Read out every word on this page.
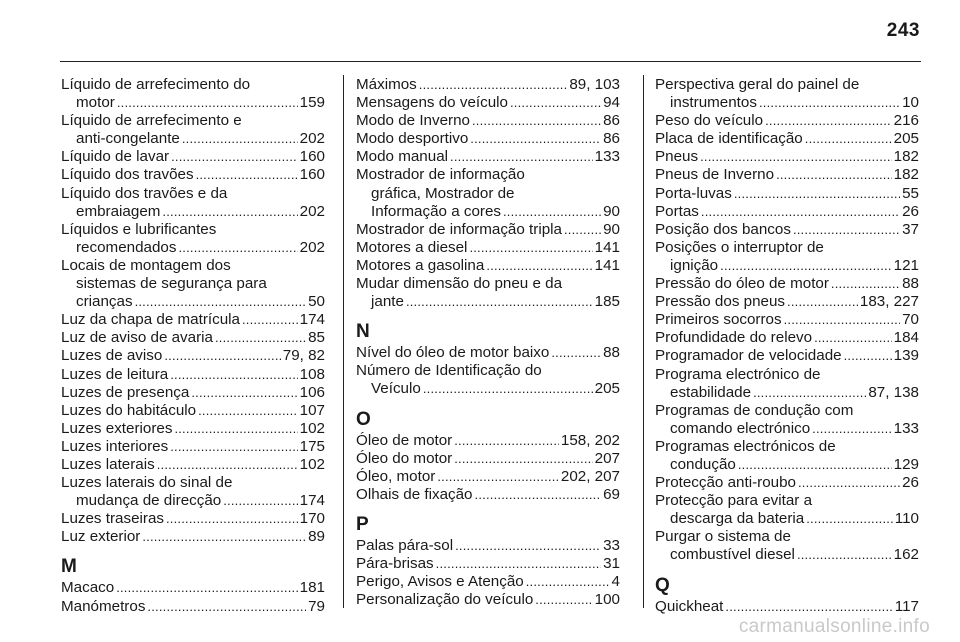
243
Líquido de arrefecimento do
motor .....	159
Líquido de arrefecimento e
anti-congelante .....	202
Líquido de lavar .....	160
Líquido dos travões .....	160
Líquido dos travões e da
embraiagem .....	202
Líquidos e lubrificantes
recomendados .....	202
Locais de montagem dos
sistemas de segurança para
crianças .....	50
Luz da chapa de matrícula .....	174
Luz de aviso de avaria .....	85
Luzes de aviso .....	79, 82
Luzes de leitura .....	108
Luzes de presença .....	106
Luzes do habitáculo .....	107
Luzes exteriores .....	102
Luzes interiores .....	175
Luzes laterais .....	102
Luzes laterais do sinal de
mudança de direcção .....	174
Luzes traseiras .....	170
Luz exterior .....	89
M
Macaco .....	181
Manómetros .....	79
Máximos .....	89, 103
Mensagens do veículo .....	94
Modo de Inverno .....	86
Modo desportivo .....	86
Modo manual .....	133
Mostrador de informação
gráfica, Mostrador de
Informação a cores .....	90
Mostrador de informação tripla .....	90
Motores a diesel .....	141
Motores a gasolina .....	141
Mudar dimensão do pneu e da
jante .....	185
N
Nível do óleo de motor baixo .....	88
Número de Identificação do
Veículo .....	205
O
Óleo de motor .....	158, 202
Óleo do motor .....	207
Óleo, motor .....	202, 207
Olhais de fixação .....	69
P
Palas pára-sol .....	33
Pára-brisas .....	31
Perigo, Avisos e Atenção .....	4
Personalização do veículo .....	100
Perspectiva geral do painel de
instrumentos .....	10
Peso do veículo .....	216
Placa de identificação .....	205
Pneus .....	182
Pneus de Inverno .....	182
Porta-luvas .....	55
Portas .....	26
Posição dos bancos .....	37
Posições o interruptor de
ignição .....	121
Pressão do óleo de motor .....	88
Pressão dos pneus .....	183, 227
Primeiros socorros .....	70
Profundidade do relevo .....	184
Programador de velocidade .....	139
Programa electrónico de
estabilidade .....	87, 138
Programas de condução com
comando electrónico .....	133
Programas electrónicos de
condução .....	129
Protecção anti-roubo .....	26
Protecção para evitar a
descarga da bateria .....	110
Purgar o sistema de
combustível diesel .....	162
Q
Quickheat .....	117
carmanualsonline.info
